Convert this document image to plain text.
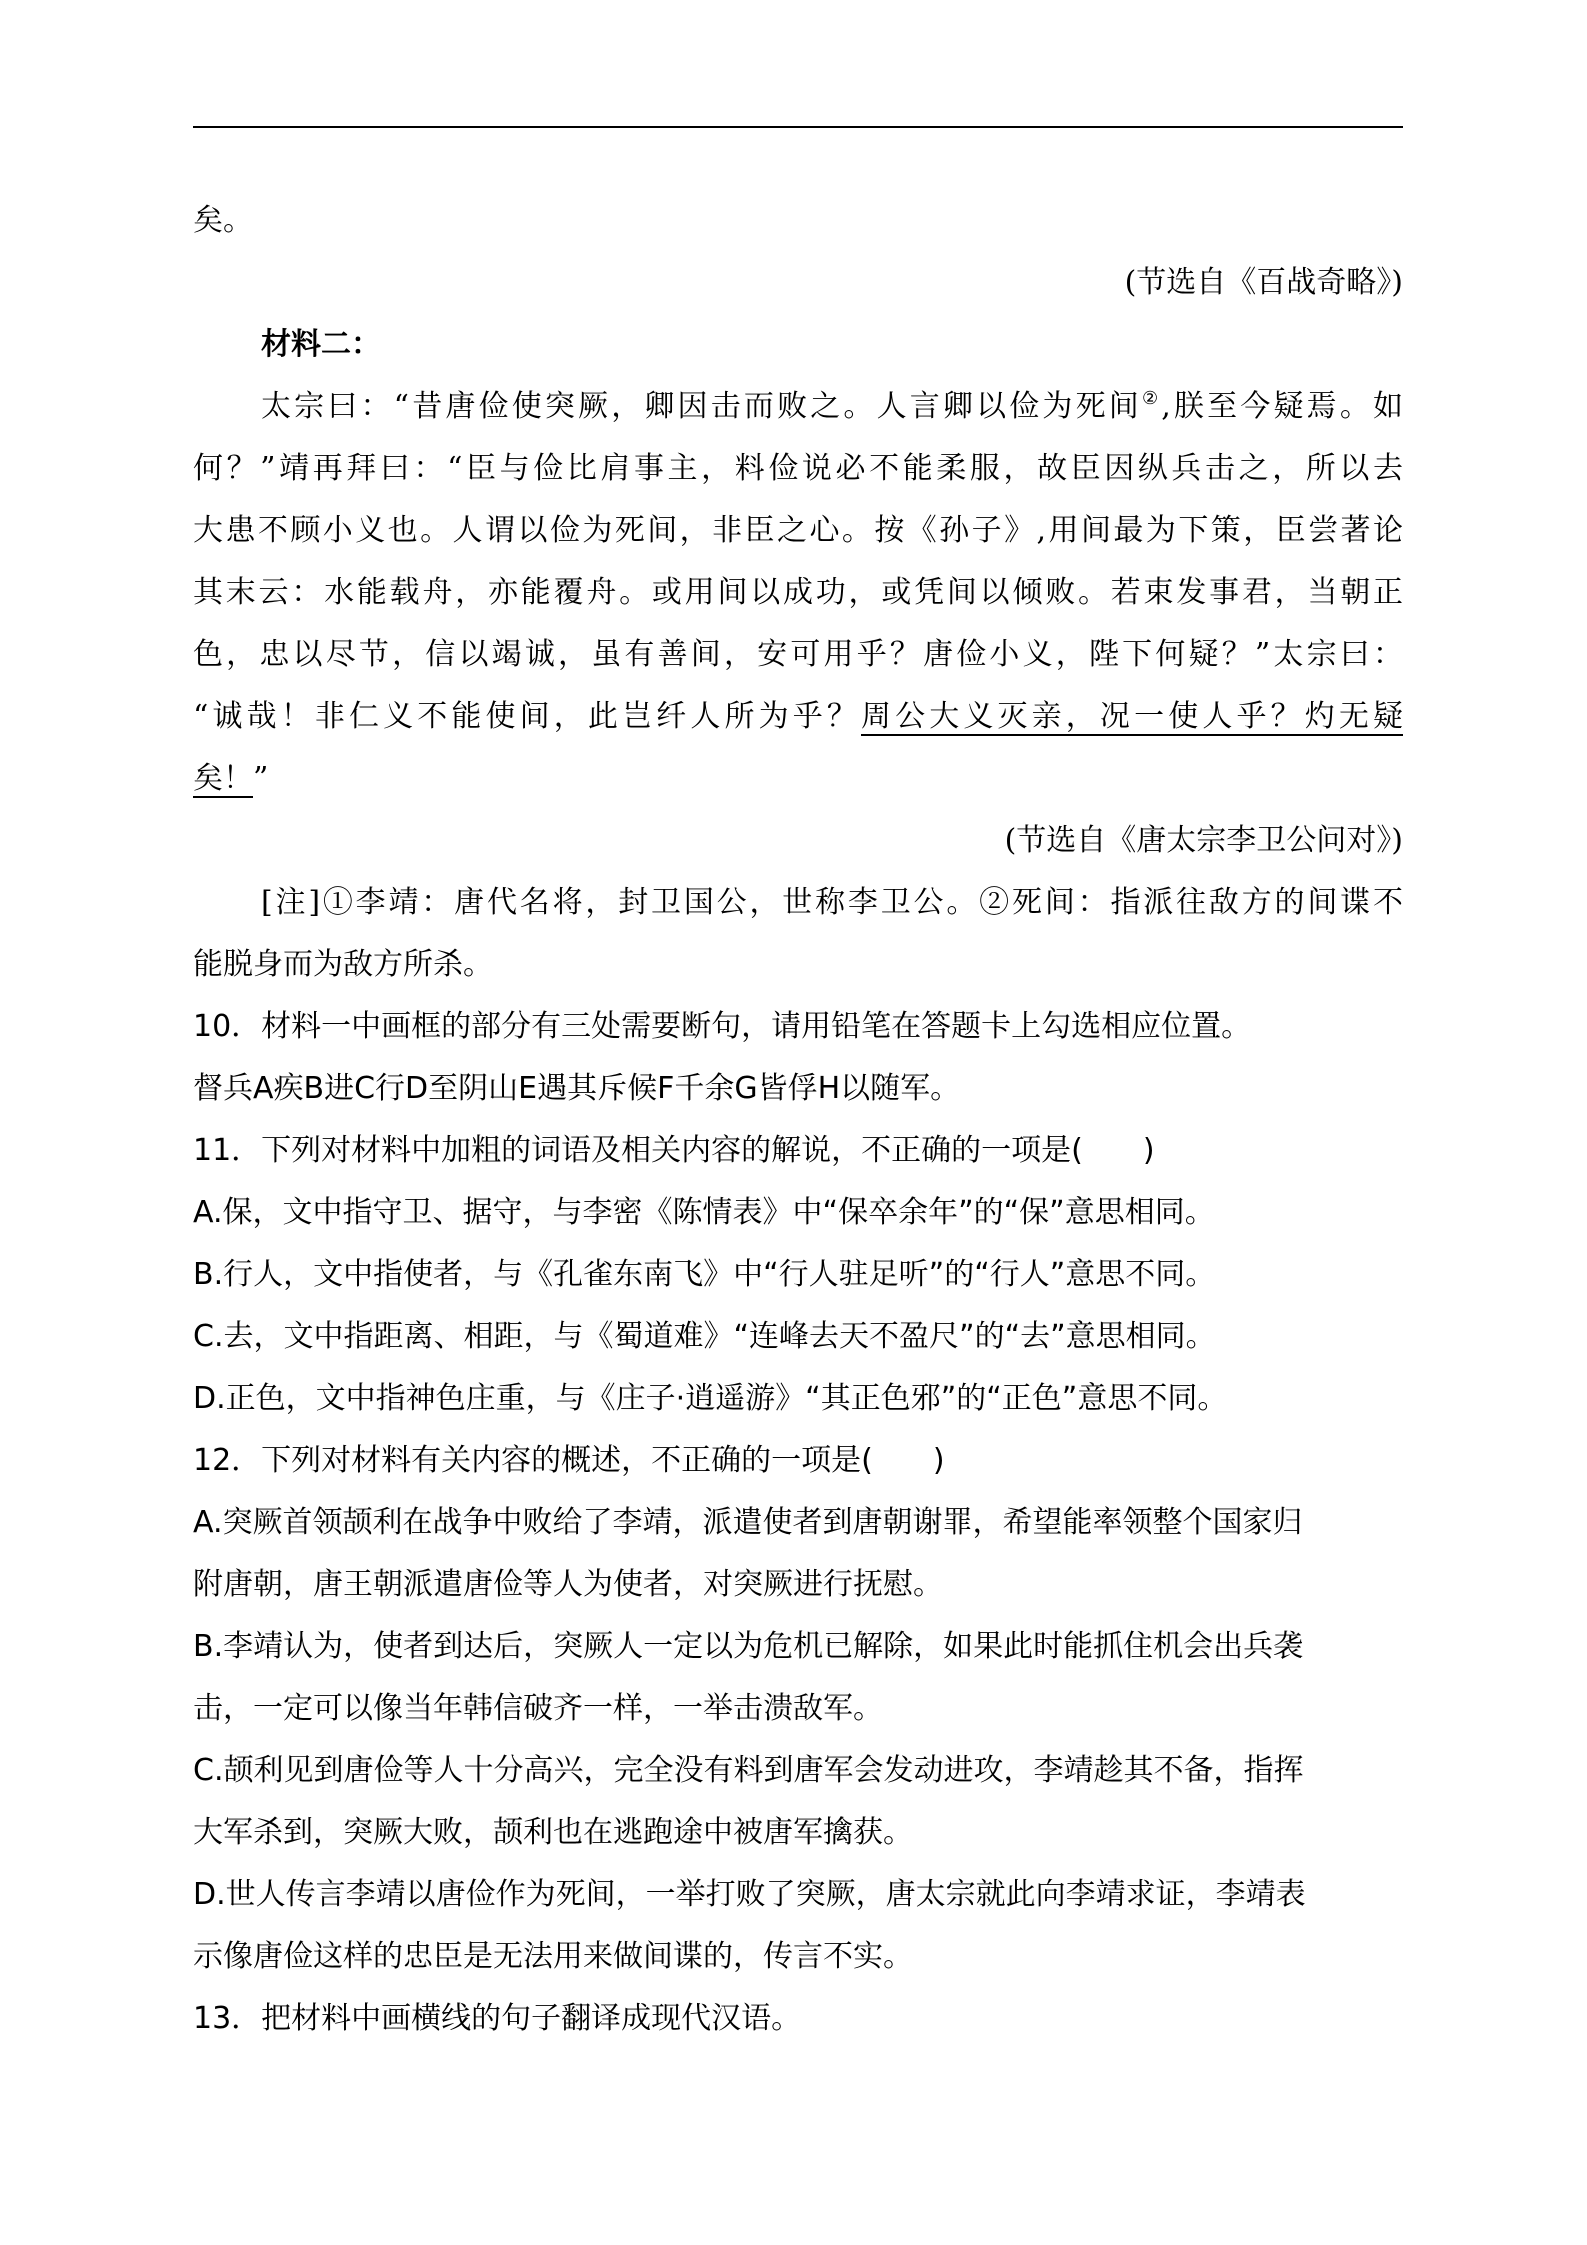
矣。
(节选自《百战奇略》)
材料二：
太宗曰：“昔唐俭使突厥，卿因击而败之。人言卿以俭为死间②,朕至今疑焉。如
何？”靖再拜曰：“臣与俭比肩事主，料俭说必不能柔服，故臣因纵兵击之，所以去
大患不顾小义也。人谓以俭为死间，非臣之心。按《孙子》,用间最为下策，臣尝著论
其末云：水能载舟，亦能覆舟。或用间以成功，或凭间以倾败。若束发事君，当朝正
色，忠以尽节，信以竭诚，虽有善间，安可用乎？唐俭小义，陛下何疑？”太宗曰：
“诚哉！非仁义不能使间，此岂纤人所为乎？周公大义灭亲，况一使人乎？灼无疑
矣！”
(节选自《唐太宗李卫公问对》)
[注]①李靖：唐代名将，封卫国公，世称李卫公。②死间：指派往敌方的间谍不
能脱身而为敌方所杀。
10．材料一中画框的部分有三处需要断句，请用铅笔在答题卡上勾选相应位置。
督兵A疾B进C行D至阴山E遇其斥候F千余G皆俘H以随军。
11．下列对材料中加粗的词语及相关内容的解说，不正确的一项是(　　)
A.保，文中指守卫、据守，与李密《陈情表》中“保卒余年”的“保”意思相同。
B.行人，文中指使者，与《孔雀东南飞》中“行人驻足听”的“行人”意思不同。
C.去，文中指距离、相距，与《蜀道难》“连峰去天不盈尺”的“去”意思相同。
D.正色，文中指神色庄重，与《庄子·逍遥游》“其正色邪”的“正色”意思不同。
12．下列对材料有关内容的概述，不正确的一项是(　　)
A.突厥首领颉利在战争中败给了李靖，派遣使者到唐朝谢罪，希望能率领整个国家归
附唐朝，唐王朝派遣唐俭等人为使者，对突厥进行抚慰。
B.李靖认为，使者到达后，突厥人一定以为危机已解除，如果此时能抓住机会出兵袭
击，一定可以像当年韩信破齐一样，一举击溃敌军。
C.颉利见到唐俭等人十分高兴，完全没有料到唐军会发动进攻，李靖趁其不备，指挥
大军杀到，突厥大败，颉利也在逃跑途中被唐军擒获。
D.世人传言李靖以唐俭作为死间，一举打败了突厥，唐太宗就此向李靖求证，李靖表
示像唐俭这样的忠臣是无法用来做间谍的，传言不实。
13．把材料中画横线的句子翻译成现代汉语。
